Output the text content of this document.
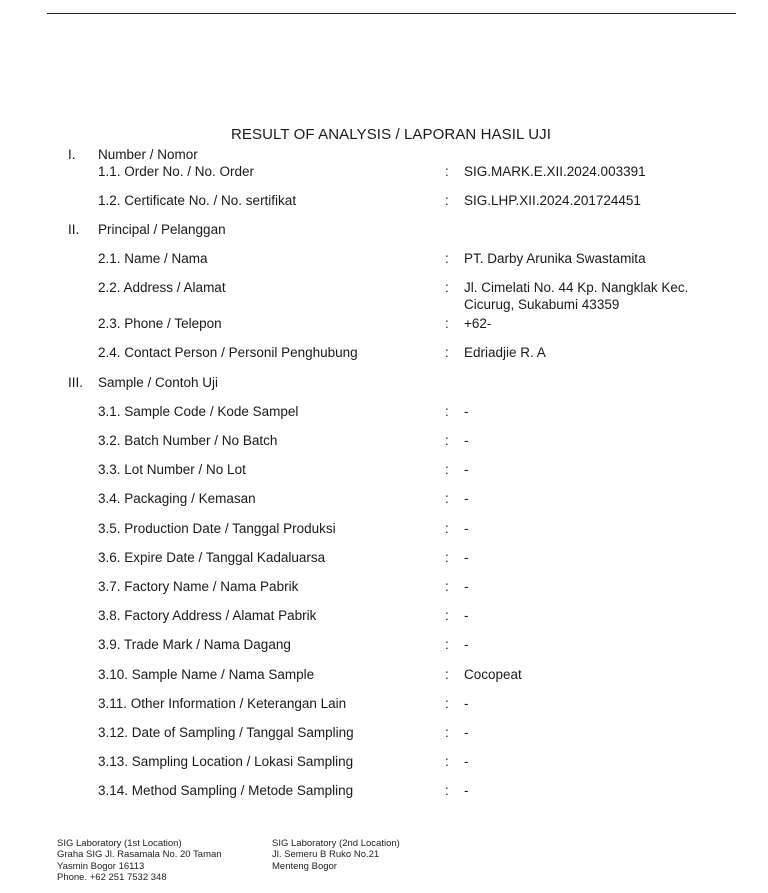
RESULT OF ANALYSIS / LAPORAN HASIL UJI
I. Number / Nomor
1.1. Order No. / No. Order	: SIG.MARK.E.XII.2024.003391
1.2. Certificate No. / No. sertifikat	: SIG.LHP.XII.2024.201724451
II. Principal / Pelanggan
2.1. Name / Nama	: PT. Darby Arunika Swastamita
2.2. Address / Alamat	: Jl. Cimelati No. 44 Kp. Nangklak Kec.
Cicurug, Sukabumi 43359
2.3. Phone / Telepon	: +62-
2.4. Contact Person / Personil Penghubung	: Edriadjie R. A
III. Sample / Contoh Uji
3.1. Sample Code / Kode Sampel	: -
3.2. Batch Number / No Batch	: -
3.3. Lot Number / No Lot	: -
3.4. Packaging / Kemasan	: -
3.5. Production Date / Tanggal Produksi	: -
3.6. Expire Date / Tanggal Kadaluarsa	: -
3.7. Factory Name / Nama Pabrik	: -
3.8. Factory Address / Alamat Pabrik	: -
3.9. Trade Mark / Nama Dagang	: -
3.10. Sample Name / Nama Sample	: Cocopeat
3.11. Other Information / Keterangan Lain	: -
3.12. Date of Sampling / Tanggal Sampling	: -
3.13. Sampling Location / Lokasi Sampling	: -
3.14. Method Sampling / Metode Sampling	: -
SIG Laboratory (1st Location)
Graha SIG Jl. Rasamala No. 20 Taman
Yasmin Bogor 16113
Phone. +62 251 7532 348
SIG Laboratory (2nd Location)
Jl. Semeru B Ruko No.21
Menteng Bogor
